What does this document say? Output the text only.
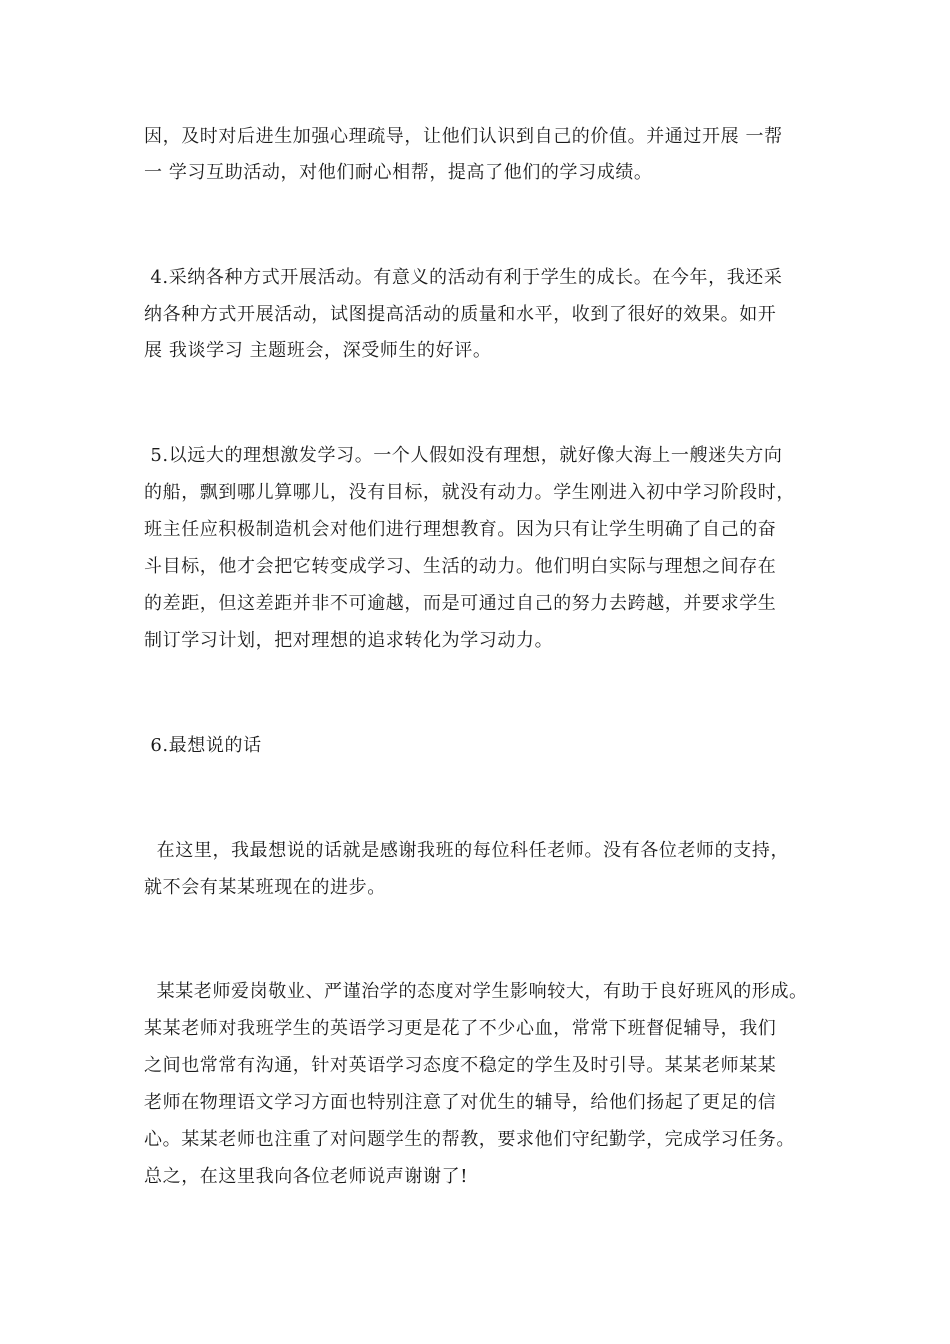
因，及时对后进生加强心理疏导，让他们认识到自己的价值。并通过开展 一帮
一 学习互助活动，对他们耐心相帮，提高了他们的学习成绩。
4.采纳各种方式开展活动。有意义的活动有利于学生的成长。在今年，我还采
纳各种方式开展活动，试图提高活动的质量和水平，收到了很好的效果。如开
展 我谈学习 主题班会，深受师生的好评。
5.以远大的理想激发学习。一个人假如没有理想，就好像大海上一艘迷失方向
的船，飘到哪儿算哪儿，没有目标，就没有动力。学生刚进入初中学习阶段时，
班主任应积极制造机会对他们进行理想教育。因为只有让学生明确了自己的奋
斗目标，他才会把它转变成学习、生活的动力。他们明白实际与理想之间存在
的差距，但这差距并非不可逾越，而是可通过自己的努力去跨越，并要求学生
制订学习计划，把对理想的追求转化为学习动力。
6.最想说的话
在这里，我最想说的话就是感谢我班的每位科任老师。没有各位老师的支持，
就不会有某某班现在的进步。
某某老师爱岗敬业、严谨治学的态度对学生影响较大，有助于良好班风的形成。
某某老师对我班学生的英语学习更是花了不少心血，常常下班督促辅导，我们
之间也常常有沟通，针对英语学习态度不稳定的学生及时引导。某某老师某某
老师在物理语文学习方面也特别注意了对优生的辅导，给他们扬起了更足的信
心。某某老师也注重了对问题学生的帮教，要求他们守纪勤学，完成学习任务。
总之，在这里我向各位老师说声谢谢了!
